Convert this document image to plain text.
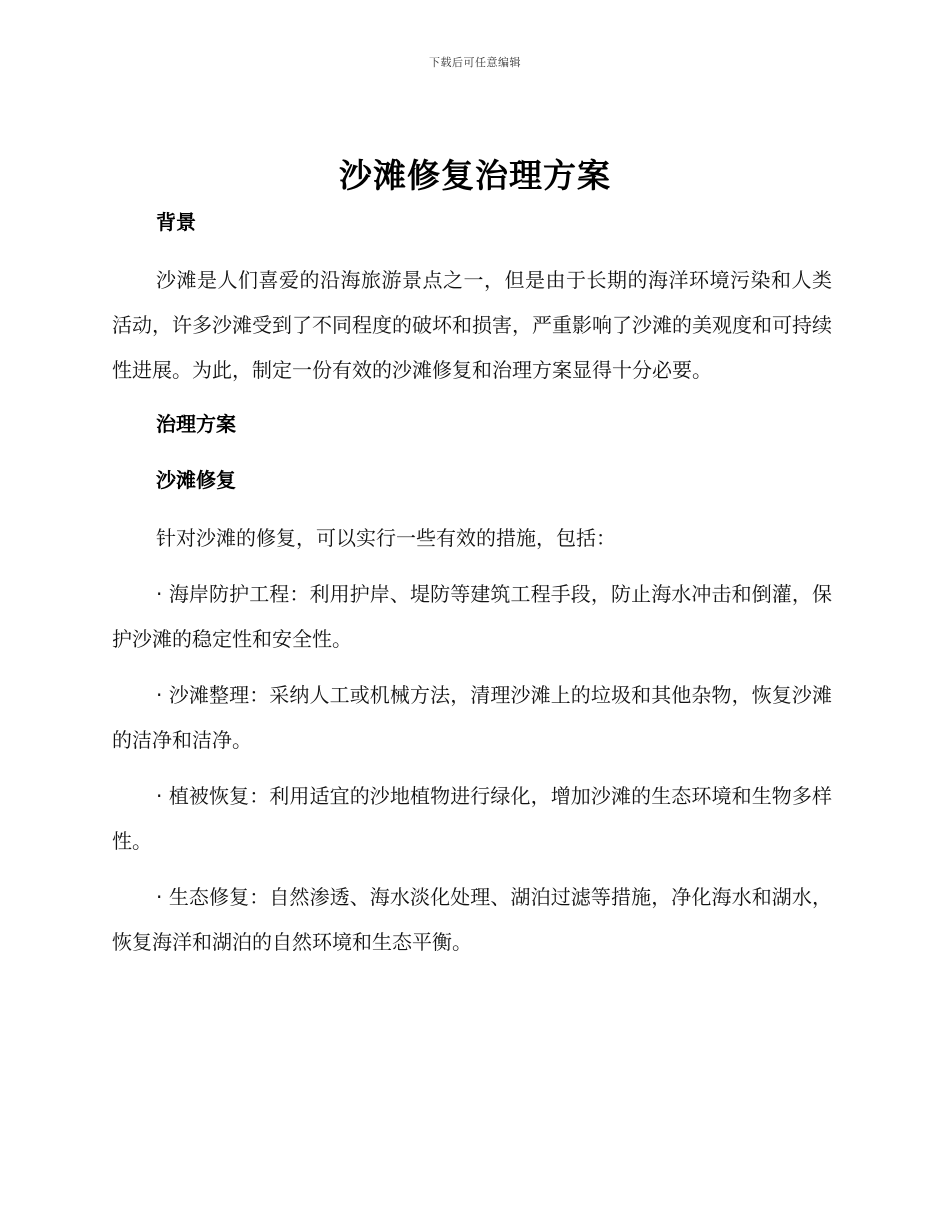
下载后可任意编辑
沙滩修复治理方案

背景

沙滩是人们喜爱的沿海旅游景点之一，但是由于长期的海洋环境污染和人类活动，许多沙滩受到了不同程度的破坏和损害，严重影响了沙滩的美观度和可持续性进展。为此，制定一份有效的沙滩修复和治理方案显得十分必要。

治理方案

沙滩修复

针对沙滩的修复，可以实行一些有效的措施，包括：

· 海岸防护工程：利用护岸、堤防等建筑工程手段，防止海水冲击和倒灌，保护沙滩的稳定性和安全性。

· 沙滩整理：采纳人工或机械方法，清理沙滩上的垃圾和其他杂物，恢复沙滩的洁净和洁净。

· 植被恢复：利用适宜的沙地植物进行绿化，增加沙滩的生态环境和生物多样性。

· 生态修复：自然渗透、海水淡化处理、湖泊过滤等措施，净化海水和湖水，恢复海洋和湖泊的自然环境和生态平衡。
